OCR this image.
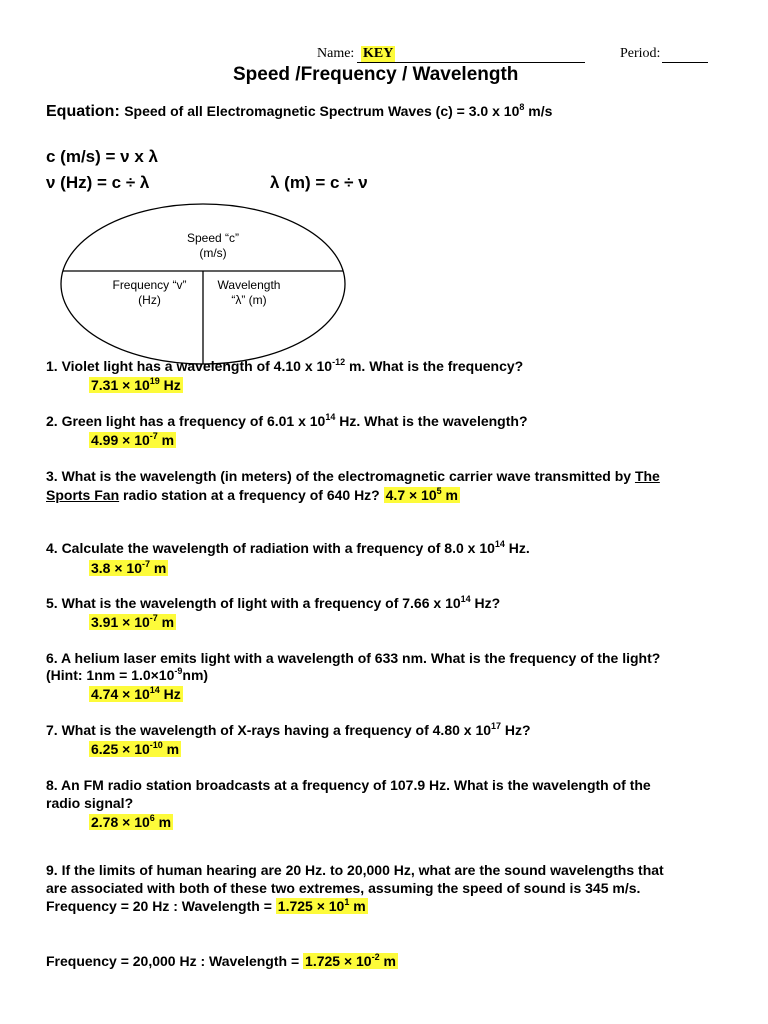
Name: KEY	Period:
Speed /Frequency / Wavelength
Equation: Speed of all Electromagnetic Spectrum Waves (c) = 3.0 x $10^8$ m/s
c (m/s) = ν x λ
ν (Hz) = c ÷ λ	λ (m) = c ÷ ν
Speed “c”
(m/s)
Frequency “v”
(Hz)
Wavelength
“λ” (m)
1. Violet light has a wavelength of 4.10 x $10^{-12}$ m. What is the frequency?
$7.31 \times 10^{19}$ Hz
2. Green light has a frequency of 6.01 x $10^{14}$ Hz. What is the wavelength?
$4.99 \times 10^{-7}$ m
3. What is the wavelength (in meters) of the electromagnetic carrier wave transmitted by The
Sports Fan radio station at a frequency of 640 Hz? $4.7 \times 10^5$ m
4. Calculate the wavelength of radiation with a frequency of 8.0 x $10^{14}$ Hz.
$3.8 \times 10^{-7}$ m
5. What is the wavelength of light with a frequency of 7.66 x $10^{14}$ Hz?
$3.91 \times 10^{-7}$ m
6. A helium laser emits light with a wavelength of 633 nm. What is the frequency of the light?
(Hint: $1nm = 1.0\times 10^{-9}nm$)
$4.74 \times 10^{14}$ Hz
7. What is the wavelength of X-rays having a frequency of 4.80 x $10^{17}$ Hz?
$6.25 \times 10^{-10}$ m
8. An FM radio station broadcasts at a frequency of 107.9 Hz. What is the wavelength of the
radio signal?
$2.78 \times 10^6$ m
9. If the limits of human hearing are 20 Hz. to 20,000 Hz, what are the sound wavelengths that
are associated with both of these two extremes, assuming the speed of sound is 345 m/s.
Frequency = 20 Hz : Wavelength = $1.725 \times 10^1$ m
Frequency = 20,000 Hz : Wavelength = $1.725 \times 10^{-2}$ m
